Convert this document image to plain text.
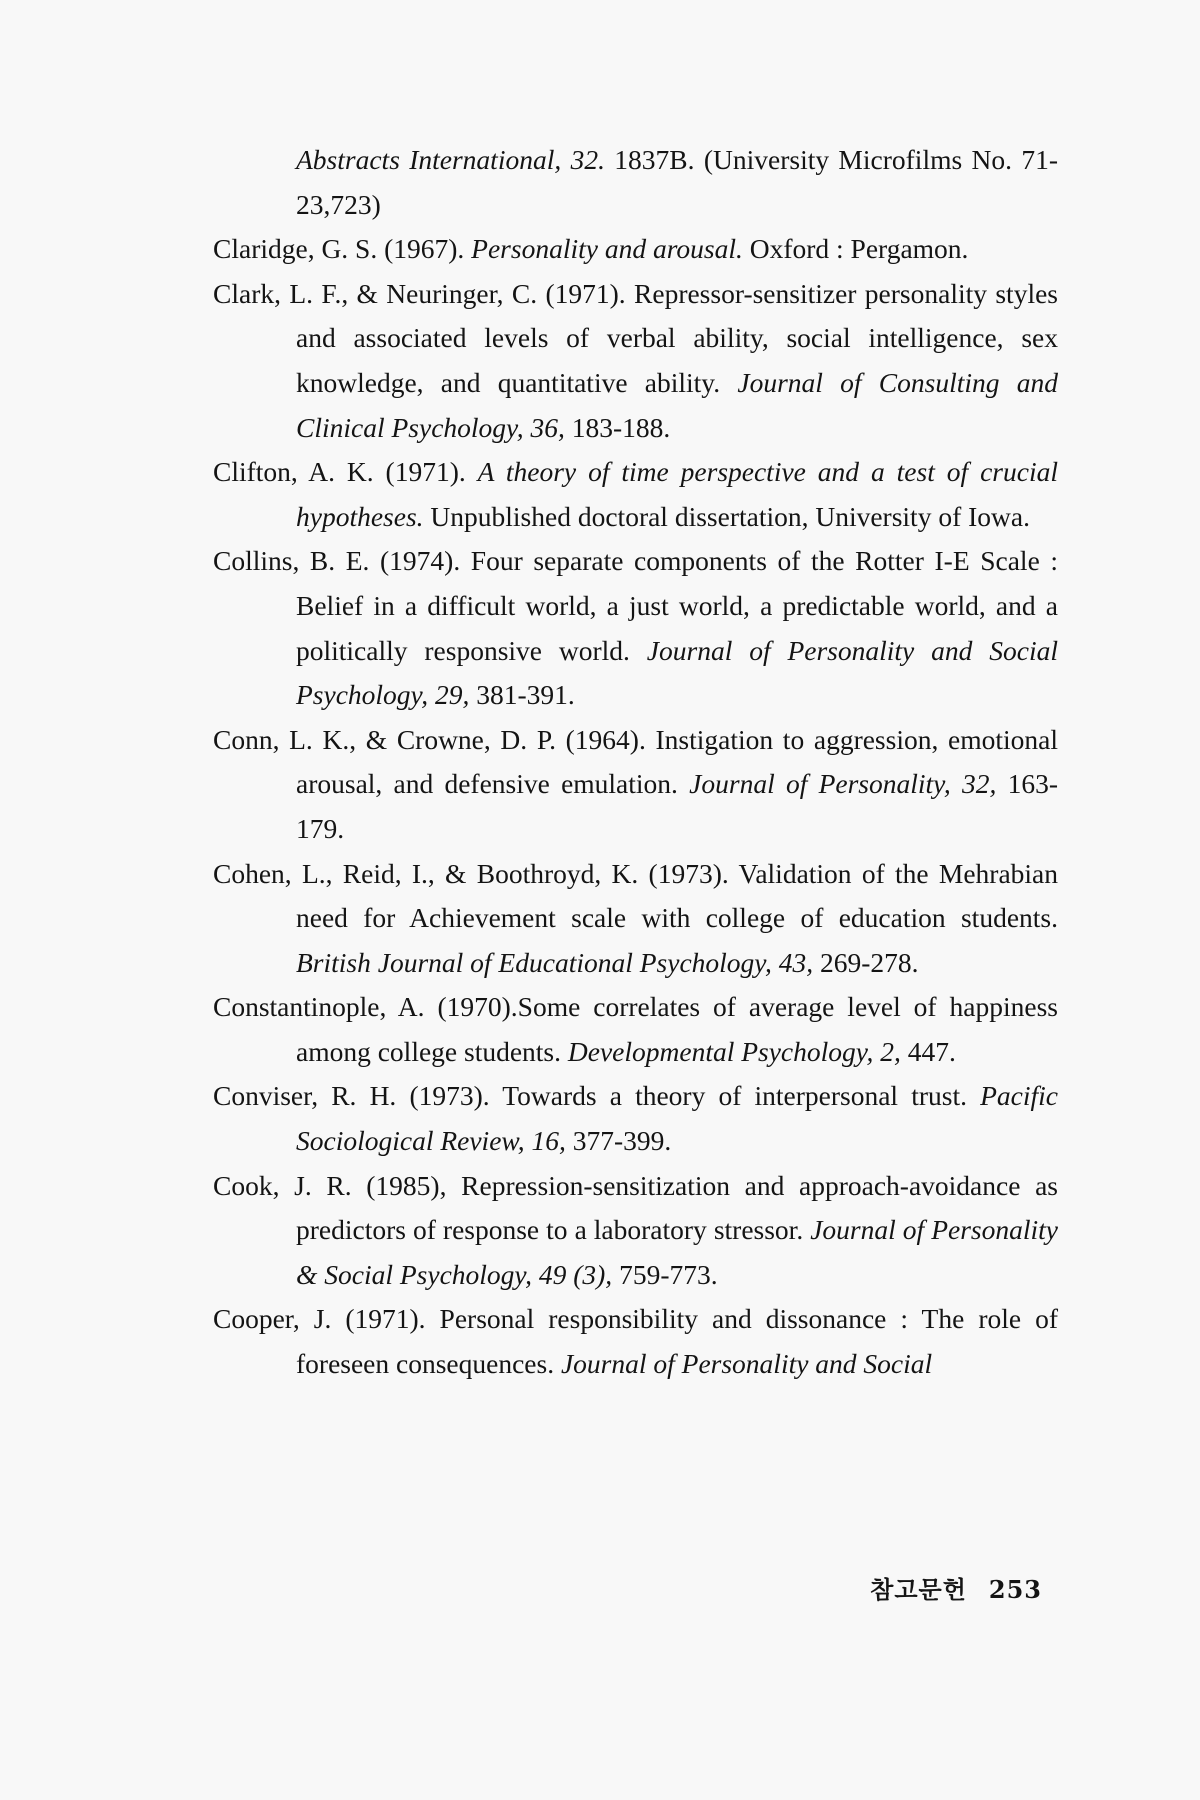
Abstracts International, 32. 1837B. (University Microfilms No. 71-23,723)

Claridge, G. S. (1967). Personality and arousal. Oxford : Pergamon.

Clark, L. F., & Neuringer, C. (1971). Repressor-sensitizer personality styles and associated levels of verbal ability, social intelligence, sex knowledge, and quantitative ability. Journal of Consulting and Clinical Psychology, 36, 183-188.

Clifton, A. K. (1971). A theory of time perspective and a test of crucial hypotheses. Unpublished doctoral dissertation, University of Iowa.

Collins, B. E. (1974). Four separate components of the Rotter I-E Scale : Belief in a difficult world, a just world, a predictable world, and a politically responsive world. Journal of Personality and Social Psychology, 29, 381-391.

Conn, L. K., & Crowne, D. P. (1964). Instigation to aggression, emotional arousal, and defensive emulation. Journal of Personality, 32, 163-179.

Cohen, L., Reid, I., & Boothroyd, K. (1973). Validation of the Mehrabian need for Achievement scale with college of education students. British Journal of Educational Psychology, 43, 269-278.

Constantinople, A. (1970).Some correlates of average level of happiness among college students. Developmental Psychology, 2, 447.

Conviser, R. H. (1973). Towards a theory of interpersonal trust. Pacific Sociological Review, 16, 377-399.

Cook, J. R. (1985), Repression-sensitization and approach-avoidance as predictors of response to a laboratory stressor. Journal of Personality & Social Psychology, 49 (3), 759-773.

Cooper, J. (1971). Personal responsibility and dissonance : The role of foreseen consequences. Journal of Personality and Social

참고문헌 253
